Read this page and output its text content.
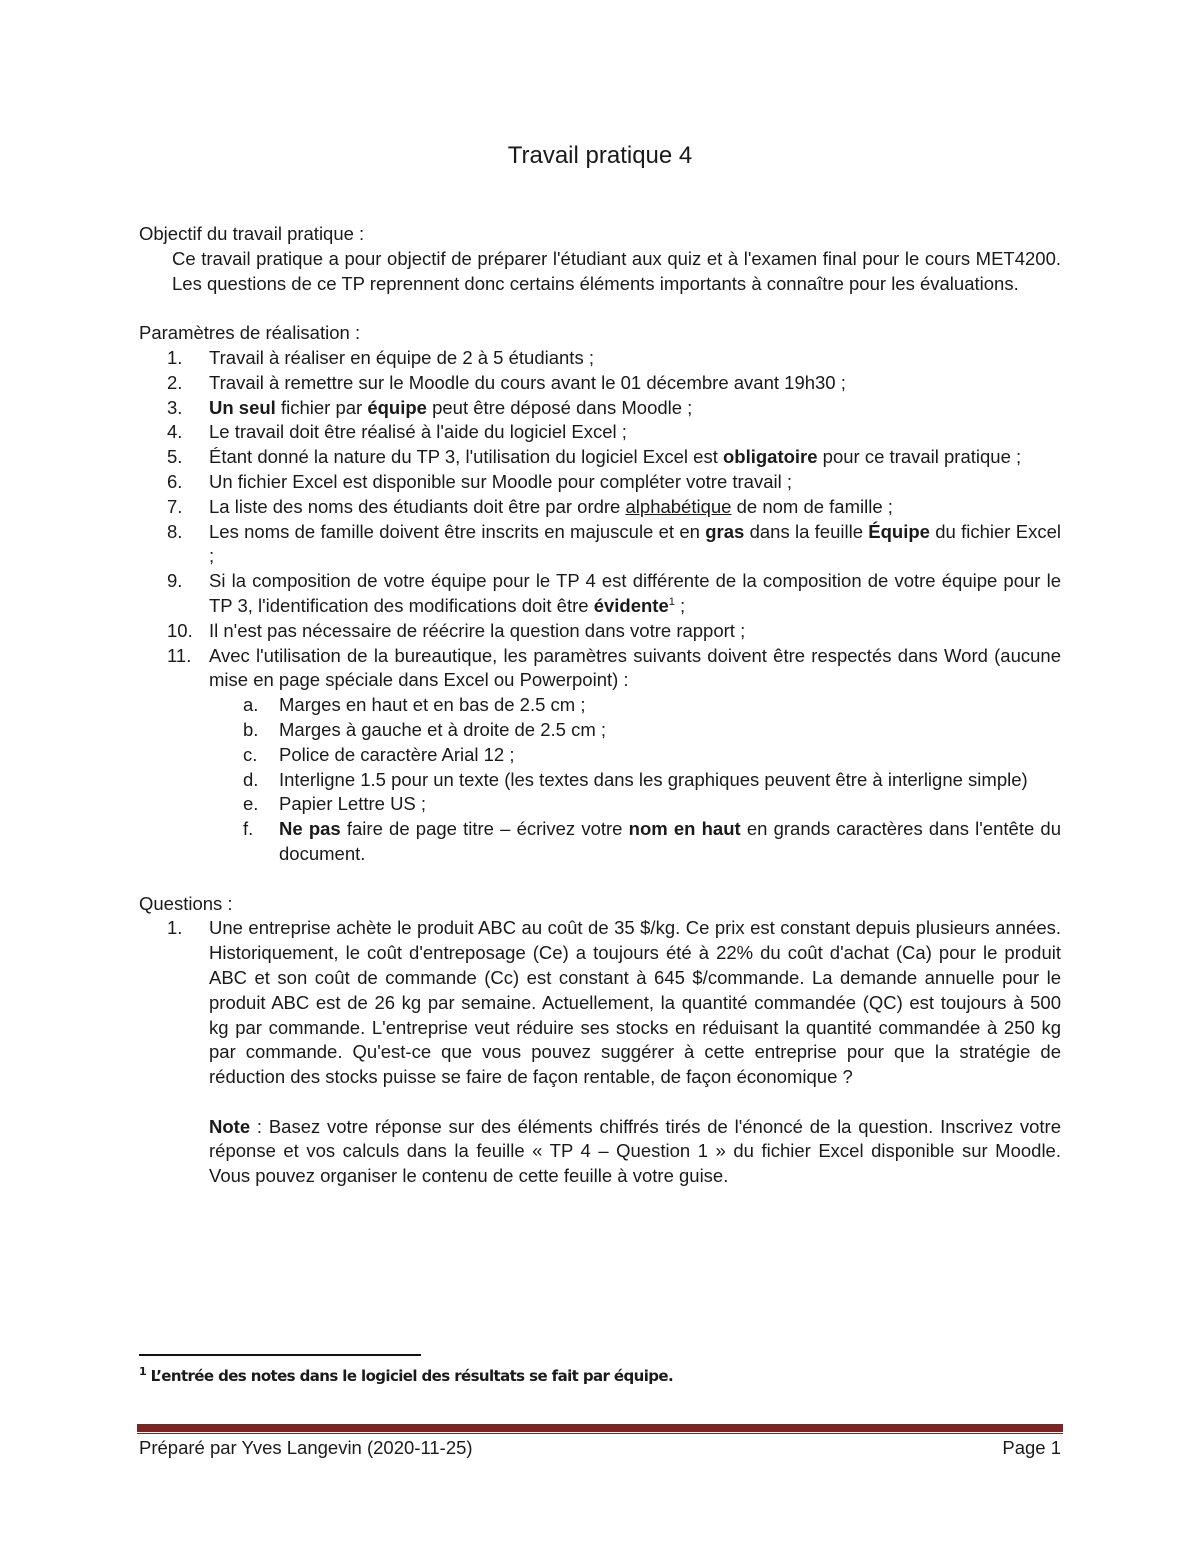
Travail pratique 4

Objectif du travail pratique :

Ce travail pratique a pour objectif de préparer l'étudiant aux quiz et à l'examen final pour le cours MET4200. Les questions de ce TP reprennent donc certains éléments importants à connaître pour les évaluations.

Paramètres de réalisation :

1.	Travail à réaliser en équipe de 2 à 5 étudiants ;
2.	Travail à remettre sur le Moodle du cours avant le 01 décembre avant 19h30 ;
3.	Un seul fichier par équipe peut être déposé dans Moodle ;
4.	Le travail doit être réalisé à l'aide du logiciel Excel ;
5.	Étant donné la nature du TP 3, l'utilisation du logiciel Excel est obligatoire pour ce travail pratique ;
6.	Un fichier Excel est disponible sur Moodle pour compléter votre travail ;
7.	La liste des noms des étudiants doit être par ordre alphabétique de nom de famille ;
8.	Les noms de famille doivent être inscrits en majuscule et en gras dans la feuille Équipe du fichier Excel ;
9.	Si la composition de votre équipe pour le TP 4 est différente de la composition de votre équipe pour le TP 3, l'identification des modifications doit être évidente$^1$ ;
10. Il n'est pas nécessaire de réécrire la question dans votre rapport ;
11. Avec l'utilisation de la bureautique, les paramètres suivants doivent être respectés dans Word (aucune mise en page spéciale dans Excel ou Powerpoint) :
a.	Marges en haut et en bas de 2.5 cm ;
b.	Marges à gauche et à droite de 2.5 cm ;
c.	Police de caractère Arial 12 ;
d.	Interligne 1.5 pour un texte (les textes dans les graphiques peuvent être à interligne simple)
e.	Papier Lettre US ;
f.	Ne pas faire de page titre – écrivez votre nom en haut en grands caractères dans l'entête du document.

Questions :

1.	Une entreprise achète le produit ABC au coût de 35 $/kg. Ce prix est constant depuis plusieurs années. Historiquement, le coût d'entreposage (Ce) a toujours été à 22% du coût d'achat (Ca) pour le produit ABC et son coût de commande (Cc) est constant à 645 $/commande. La demande annuelle pour le produit ABC est de 26 kg par semaine. Actuellement, la quantité commandée (QC) est toujours à 500 kg par commande. L'entreprise veut réduire ses stocks en réduisant la quantité commandée à 250 kg par commande. Qu'est-ce que vous pouvez suggérer à cette entreprise pour que la stratégie de réduction des stocks puisse se faire de façon rentable, de façon économique ?
Note : Basez votre réponse sur des éléments chiffrés tirés de l'énoncé de la question. Inscrivez votre réponse et vos calculs dans la feuille « TP 4 – Question 1 » du fichier Excel disponible sur Moodle. Vous pouvez organiser le contenu de cette feuille à votre guise.
$^1$ L’entrée des notes dans le logiciel des résultats se fait par équipe.
Préparé par Yves Langevin (2020-11-25)	Page 1
